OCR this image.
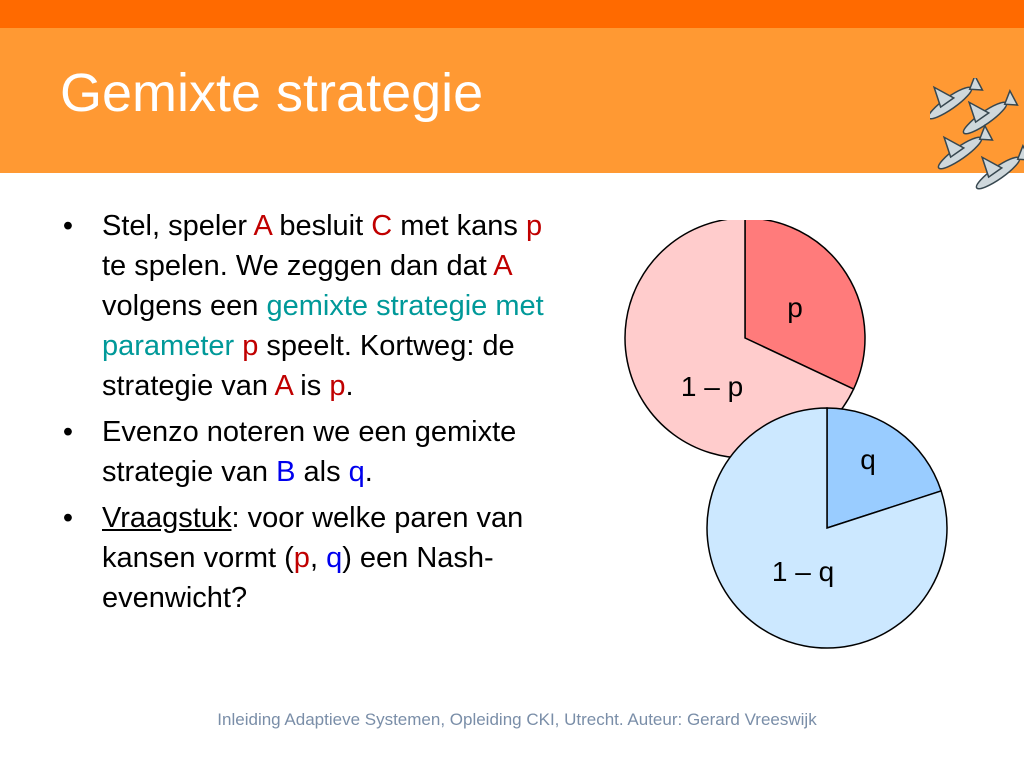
Gemixte strategie
• Stel, speler A besluit C met kans p te spelen. We zeggen dan dat A volgens een gemixte strategie met parameter p speelt. Kortweg: de strategie van A is p.
• Evenzo noteren we een gemixte strategie van B als q.
• Vraagstuk: voor welke paren van kansen vormt (p, q) een Nash-evenwicht?
p
1 – p
q
1 – q
Inleiding Adaptieve Systemen, Opleiding CKI, Utrecht. Auteur: Gerard Vreeswijk
